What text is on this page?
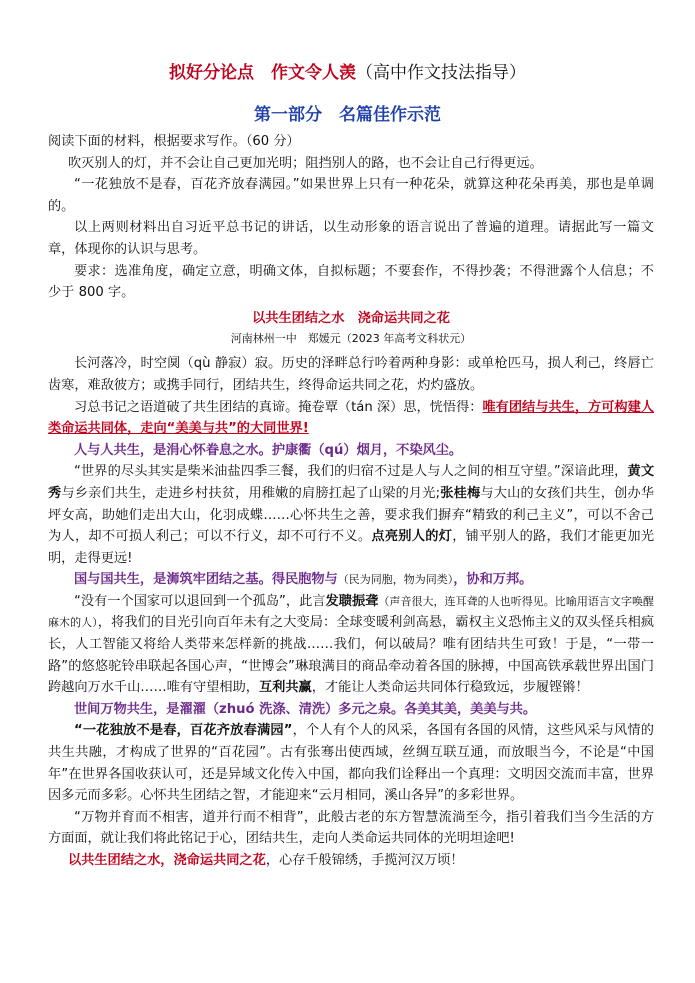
拟好分论点　作文令人羡（高中作文技法指导）
第一部分　名篇佳作示范

阅读下面的材料，根据要求写作。（60 分）

吹灭别人的灯，并不会让自己更加光明；阻挡别人的路，也不会让自己行得更远。

“一花独放不是春，百花齐放春满园。”如果世界上只有一种花朵，就算这种花朵再美，那也是单调的。

以上两则材料出自习近平总书记的讲话，以生动形象的语言说出了普遍的道理。请据此写一篇文章，体现你的认识与思考。

要求：选准角度，确定立意，明确文体，自拟标题；不要套作，不得抄袭；不得泄露个人信息；不少于 800 字。

以共生团结之水　浇命运共同之花

河南林州一中　郑媛元（2023 年高考文科状元）

长河落冷，时空阒（qù 静寂）寂。历史的泽畔总行吟着两种身影：或单枪匹马，损人利己，终唇亡齿寒，难敌彼方；或携手同行，团结共生，终得命运共同之花，灼灼盛放。

习总书记之语道破了共生团结的真谛。掩卷覃（tán 深）思，恍悟得：唯有团结与共生，方可构建人类命运共同体，走向“美美与共”的大同世界!

人与人共生，是涓心怀眷息之水。护康衢（qú）烟月，不染风尘。

“世界的尽头其实是柴米油盐四季三餐，我们的归宿不过是人与人之间的相互守望。”深谙此理，黄文秀与乡亲们共生，走进乡村扶贫，用稚嫩的肩膀扛起了山梁的月光;张桂梅与大山的女孩们共生，创办华坪女高，助她们走出大山，化羽成蝶……心怀共生之善，要求我们摒弃“精致的利己主义”，可以不舍己为人，却不可损人利己；可以不行义，却不可行不义。点亮别人的灯，铺平别人的路，我们才能更加光明，走得更远!

国与国共生，是浉筑牢团结之基。得民胞物与（民为同胞，物为同类），协和万邦。

“没有一个国家可以退回到一个孤岛”，此言发聩振聋（声音很大，连耳聋的人也听得见。比喻用语言文字唤醒麻木的人），将我们的目光引向百年未有之大变局：全球变暖利剑高悬，霸权主义恐怖主义的双头怪兵相疯长，人工智能又将给人类带来怎样新的挑战……我们，何以破局？唯有团结共生可致！于是，“一带一路”的悠悠驼铃串联起各国心声，“世博会”琳琅满目的商品牵动着各国的脉搏，中国高铁承载世界出国门跨越向万水千山……唯有守望相助，互利共赢，才能让人类命运共同体行稳致远，步履铿锵！

世间万物共生，是濯濯（zhuó 洗涤、清洗）多元之泉。各美其美，美美与共。

“一花独放不是春，百花齐放春满园”，个人有个人的风采，各国有各国的风情，这些风采与风情的共生共融，才构成了世界的“百花园”。古有张骞出使西域，丝绸互联互通，而放眼当今，不论是“中国年”在世界各国收获认可，还是异域文化传入中国，都向我们诠释出一个真理：文明因交流而丰富，世界因多元而多彩。心怀共生团结之智，才能迎来“云月相同，溪山各异”的多彩世界。

“万物并育而不相害，道并行而不相背”，此般古老的东方智慧流淌至今，指引着我们当今生活的方方面面，就让我们将此铭记于心，团结共生，走向人类命运共同体的光明坦途吧!

以共生团结之水，浇命运共同之花，心存千般锦绣，手揽河汉万顷！
